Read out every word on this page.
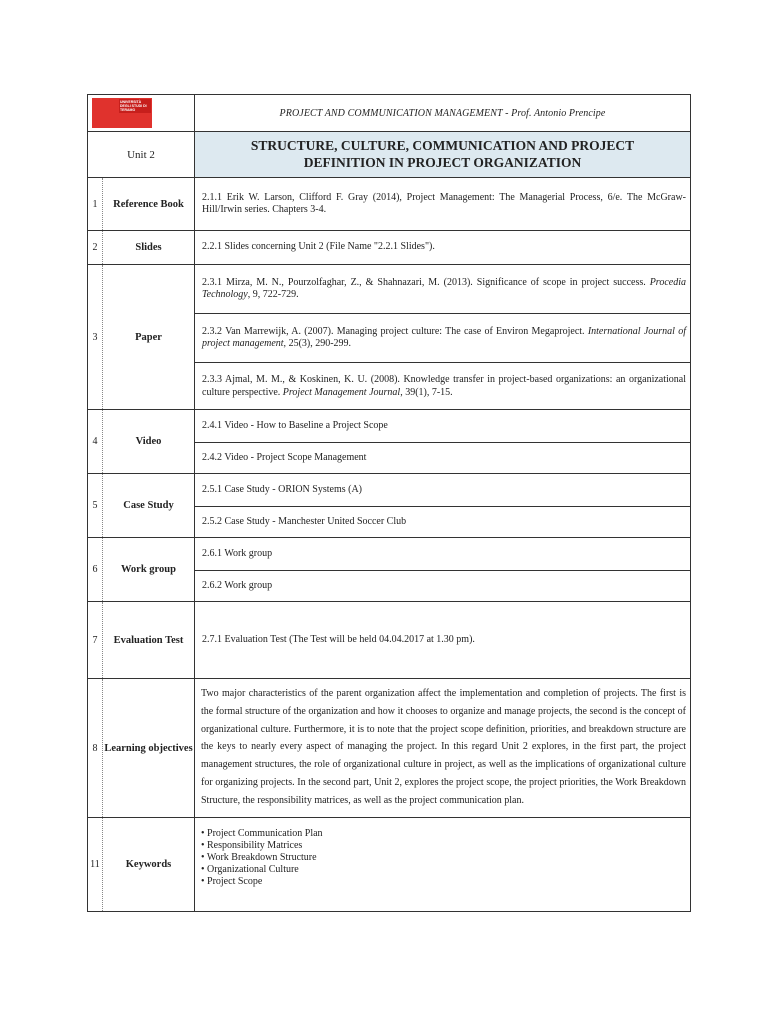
UNIVERSITÀ DEGLI STUDI DI TERAMO	PROJECT AND COMMUNICATION MANAGEMENT - Prof. Antonio Prencipe
Unit 2
STRUCTURE, CULTURE, COMMUNICATION AND PROJECT DEFINITION IN PROJECT ORGANIZATION
1	Reference Book
2.1.1 Erik W. Larson, Clifford F. Gray (2014), Project Management: The Managerial Process, 6/e. The McGraw-Hill/Irwin series. Chapters 3-4.
2	Slides	2.2.1 Slides concerning Unit 2 (File Name "2.2.1 Slides").
3	Paper
2.3.1 Mirza, M. N., Pourzolfaghar, Z., & Shahnazari, M. (2013). Significance of scope in project success. Procedia Technology, 9, 722-729.
2.3.2 Van Marrewijk, A. (2007). Managing project culture: The case of Environ Megaproject. International Journal of project management, 25(3), 290-299.
2.3.3 Ajmal, M. M., & Koskinen, K. U. (2008). Knowledge transfer in project-based organizations: an organizational culture perspective. Project Management Journal, 39(1), 7-15.
4	Video
2.4.1 Video - How to Baseline a Project Scope
2.4.2 Video - Project Scope Management
5	Case Study
2.5.1 Case Study - ORION Systems (A)
2.5.2 Case Study - Manchester United Soccer Club
6	Work group
2.6.1 Work group
2.6.2 Work group
7	Evaluation Test	2.7.1 Evaluation Test (The Test will be held 04.04.2017 at 1.30 pm).
8 Learning objectives
Two major characteristics of the parent organization affect the implementation and completion of projects. The first is the formal structure of the organization and how it chooses to organize and manage projects, the second is the concept of organizational culture. Furthermore, it is to note that the project scope definition, priorities, and breakdown structure are the keys to nearly every aspect of managing the project. In this regard Unit 2 explores, in the first part, the project management structures, the role of organizational culture in project, as well as the implications of organizational culture for organizing projects. In the second part, Unit 2, explores the project scope, the project priorities, the Work Breakdown Structure, the responsibility matrices, as well as the project communication plan.
11	Keywords
• Project Communication Plan
• Responsibility Matrices
• Work Breakdown Structure
• Organizational Culture
• Project Scope
